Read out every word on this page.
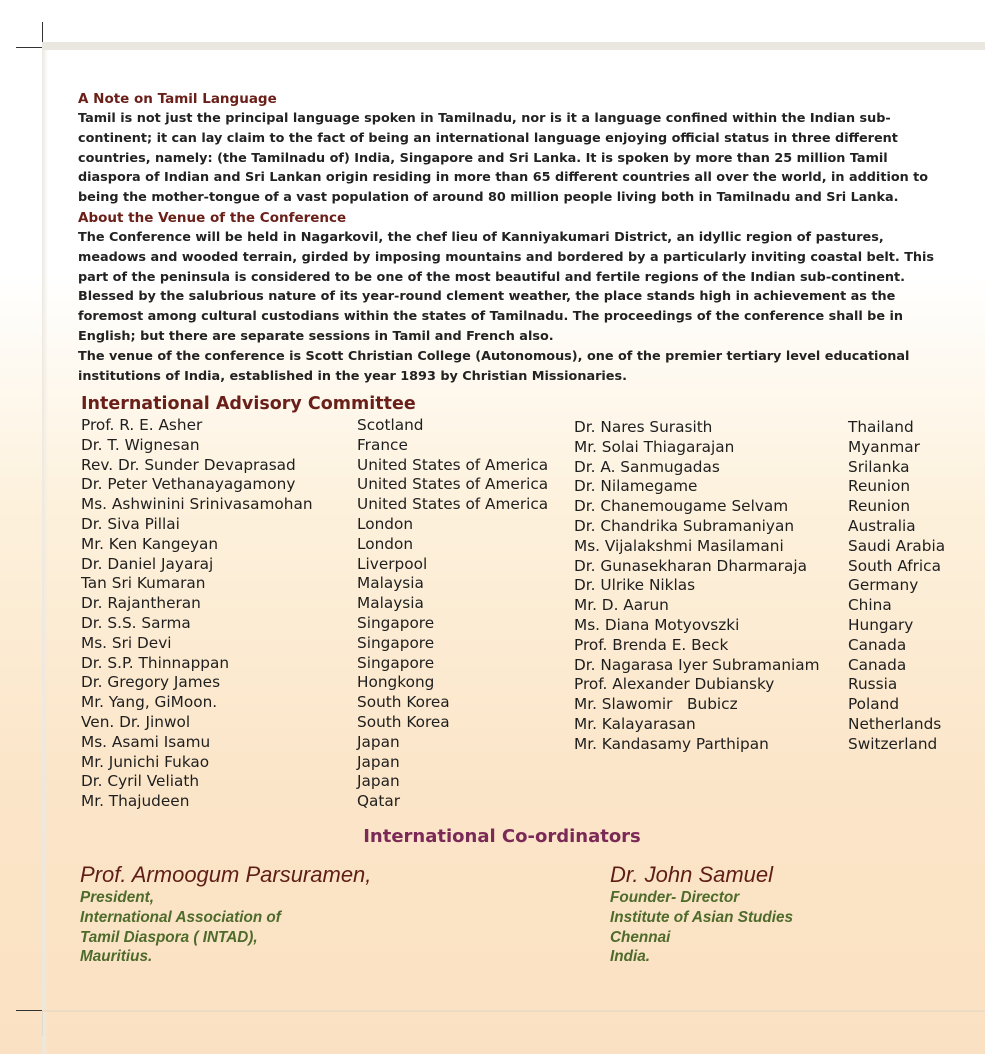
A Note on Tamil Language

Tamil is not just the principal language spoken in Tamilnadu, nor is it a language confined within the Indian sub-continent; it can lay claim to the fact of being an international language enjoying official status in three different countries, namely: (the Tamilnadu of) India, Singapore and Sri Lanka. It is spoken by more than 25 million Tamil diaspora of Indian and Sri Lankan origin residing in more than 65 different countries all over the world, in addition to being the mother-tongue of a vast population of around 80 million people living both in Tamilnadu and Sri Lanka.

About the Venue of the Conference

The Conference will be held in Nagarkovil, the chef lieu of Kanniyakumari District, an idyllic region of pastures, meadows and wooded terrain, girded by imposing mountains and bordered by a particularly inviting coastal belt. This part of the peninsula is considered to be one of the most beautiful and fertile regions of the Indian sub-continent. Blessed by the salubrious nature of its year-round clement weather, the place stands high in achievement as the foremost among cultural custodians within the states of Tamilnadu. The proceedings of the conference shall be in English; but there are separate sessions in Tamil and French also.

The venue of the conference is Scott Christian College (Autonomous), one of the premier tertiary level educational institutions of India, established in the year 1893 by Christian Missionaries.

International Advisory Committee
Prof. R. E. Asher
Dr. T. Wignesan
Rev. Dr. Sunder Devaprasad
Dr. Peter Vethanayagamony
Ms. Ashwinini Srinivasamohan
Dr. Siva Pillai
Mr. Ken Kangeyan
Dr. Daniel Jayaraj
Tan Sri Kumaran
Dr. Rajantheran
Dr. S.S. Sarma
Ms. Sri Devi
Dr. S.P. Thinnappan
Dr. Gregory James
Mr. Yang, GiMoon.
Ven. Dr. Jinwol
Ms. Asami Isamu
Mr. Junichi Fukao
Dr. Cyril Veliath
Mr. Thajudeen
Scotland
France
United States of America
United States of America
United States of America
London
London
Liverpool
Malaysia
Malaysia
Singapore
Singapore
Singapore
Hongkong
South Korea
South Korea
Japan
Japan
Japan
Qatar
Dr. Nares Surasith
Mr. Solai Thiagarajan
Dr. A. Sanmugadas
Dr. Nilamegame
Dr. Chanemougame Selvam
Dr. Chandrika Subramaniyan
Ms. Vijalakshmi Masilamani
Dr. Gunasekharan Dharmaraja
Dr. Ulrike Niklas
Mr. D. Aarun
Ms. Diana Motyovszki
Prof. Brenda E. Beck
Dr. Nagarasa Iyer Subramaniam
Prof. Alexander Dubiansky
Mr. Slawomir   Bubicz
Mr. Kalayarasan
Mr. Kandasamy Parthipan
Thailand
Myanmar
Srilanka
Reunion
Reunion
Australia
Saudi Arabia
South Africa
Germany
China
Hungary
Canada
Canada
Russia
Poland
Netherlands
Switzerland
International Co-ordinators
Prof. Armoogum Parsuramen,
President,
International Association of
Tamil Diaspora ( INTAD),
Mauritius.
Dr. John Samuel
Founder- Director
Institute of Asian Studies
Chennai
India.
